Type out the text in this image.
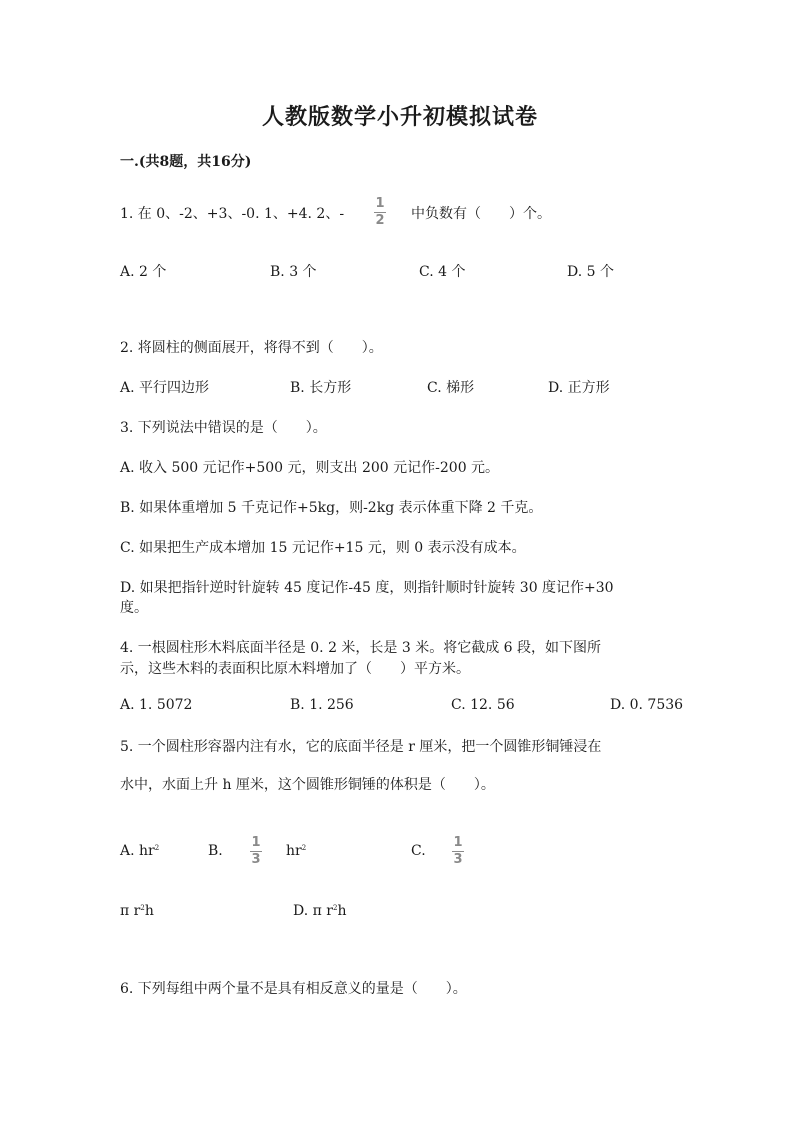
人教版数学小升初模拟试卷
一.(共8题，共16分)
1. 在 0、-2、+3、-0. 1、+4. 2、-
1
2 中负数有（　　）个。
A. 2 个	B. 3 个	C. 4 个	D. 5 个
2. 将圆柱的侧面展开，将得不到（　　）。
A. 平行四边形	B. 长方形	C. 梯形	D. 正方形
3. 下列说法中错误的是（　　）。
A. 收入 500 元记作+500 元，则支出 200 元记作-200 元。
B. 如果体重增加 5 千克记作+5kg，则-2kg 表示体重下降 2 千克。
C. 如果把生产成本增加 15 元记作+15 元，则 0 表示没有成本。
D. 如果把指针逆时针旋转 45 度记作-45 度，则指针顺时针旋转 30 度记作+30
度。
4. 一根圆柱形木料底面半径是 0. 2 米，长是 3 米。将它截成 6 段，如下图所
示，这些木料的表面积比原木料增加了（　　）平方米。
A. 1. 5072	B. 1. 256	C. 12. 56	D. 0. 7536
5. 一个圆柱形容器内注有水，它的底面半径是 r 厘米，把一个圆锥形铜锤浸在
水中，水面上升 h 厘米，这个圆锥形铜锤的体积是（　　）。
A. $hr^2$	B.
1
3
$hr^2$	C.
1
3
π $r^2h$	D. π $r^2h$
6. 下列每组中两个量不是具有相反意义的量是（　　）。
